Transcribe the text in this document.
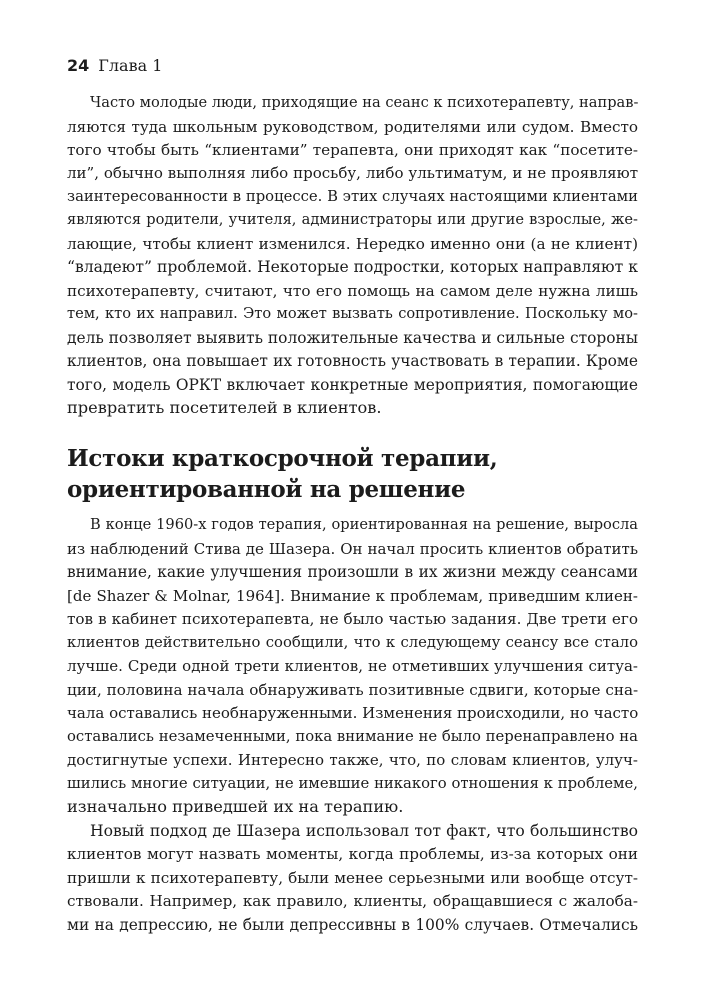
24 Глава 1
Часто молодые люди, приходящие на сеанс к психотерапевту, направ-
ляются туда школьным руководством, родителями или судом. Вместо
того чтобы быть “клиентами” терапевта, они приходят как “посетите-
ли”, обычно выполняя либо просьбу, либо ультиматум, и не проявляют
заинтересованности в процессе. В этих случаях настоящими клиентами
являются родители, учителя, администраторы или другие взрослые, же-
лающие, чтобы клиент изменился. Нередко именно они (а не клиент)
“владеют” проблемой. Некоторые подростки, которых направляют к
психотерапевту, считают, что его помощь на самом деле нужна лишь
тем, кто их направил. Это может вызвать сопротивление. Поскольку мо-
дель позволяет выявить положительные качества и сильные стороны
клиентов, она повышает их готовность участвовать в терапии. Кроме
того, модель ОРКТ включает конкретные мероприятия, помогающие
превратить посетителей в клиентов.
Истоки краткосрочной терапии,
ориентированной на решение
В конце 1960-х годов терапия, ориентированная на решение, выросла
из наблюдений Стива де Шазера. Он начал просить клиентов обратить
внимание, какие улучшения произошли в их жизни между сеансами
[de Shazer & Molnar, 1964]. Внимание к проблемам, приведшим клиен-
тов в кабинет психотерапевта, не было частью задания. Две трети его
клиентов действительно сообщили, что к следующему сеансу все стало
лучше. Среди одной трети клиентов, не отметивших улучшения ситуа-
ции, половина начала обнаруживать позитивные сдвиги, которые сна-
чала оставались необнаруженными. Изменения происходили, но часто
оставались незамеченными, пока внимание не было перенаправлено на
достигнутые успехи. Интересно также, что, по словам клиентов, улуч-
шились многие ситуации, не имевшие никакого отношения к проблеме,
изначально приведшей их на терапию.
Новый подход де Шазера использовал тот факт, что большинство
клиентов могут назвать моменты, когда проблемы, из-за которых они
пришли к психотерапевту, были менее серьезными или вообще отсут-
ствовали. Например, как правило, клиенты, обращавшиеся с жалоба-
ми на депрессию, не были депрессивны в 100% случаев. Отмечались
